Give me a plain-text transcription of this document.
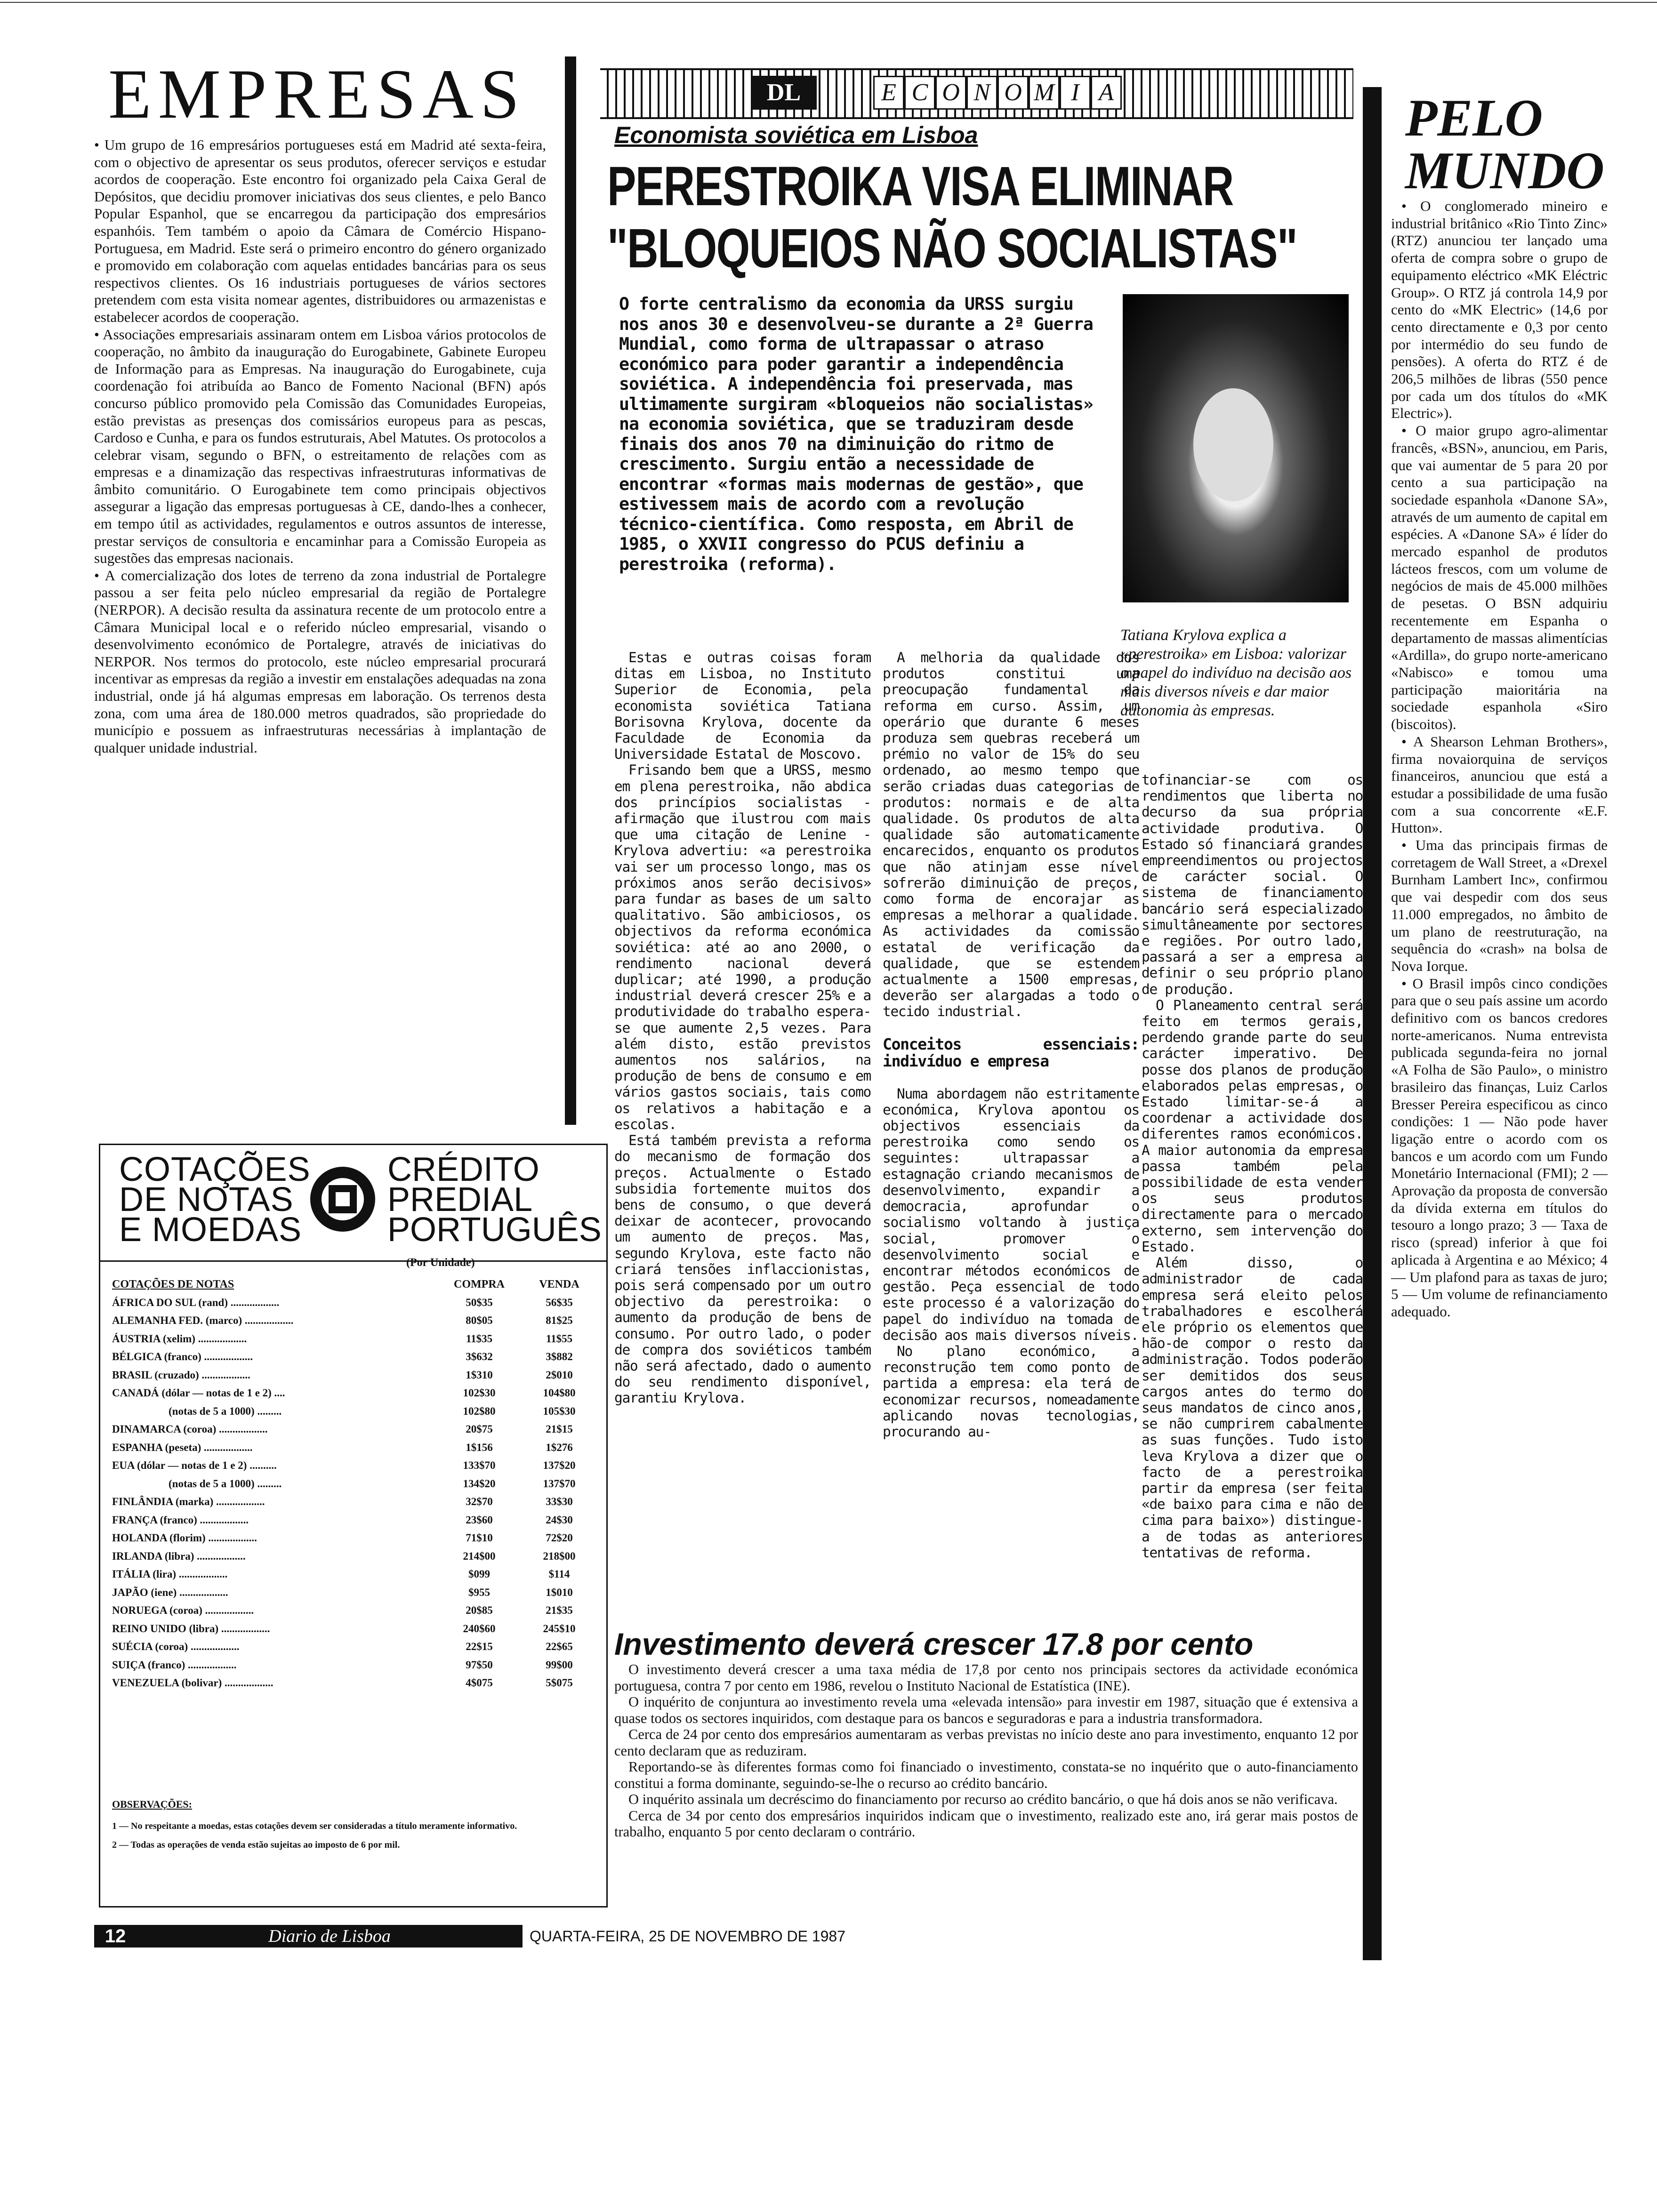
EMPRESAS

• Um grupo de 16 empresários portugueses está em Madrid até sexta-feira, com o objectivo de apresentar os seus produtos, oferecer serviços e estudar acordos de cooperação. Este encontro foi organizado pela Caixa Geral de Depósitos, que decidiu promover iniciativas dos seus clientes, e pelo Banco Popular Espanhol, que se encarregou da participação dos empresários espanhóis. Tem também o apoio da Câmara de Comércio Hispano-Portuguesa, em Madrid. Este será o primeiro encontro do género organizado e promovido em colaboração com aquelas entidades bancárias para os seus respectivos clientes. Os 16 industriais portugueses de vários sectores pretendem com esta visita nomear agentes, distribuidores ou armazenistas e estabelecer acordos de cooperação.

• Associações empresariais assinaram ontem em Lisboa vários protocolos de cooperação, no âmbito da inauguração do Eurogabinete, Gabinete Europeu de Informação para as Empresas. Na inauguração do Eurogabinete, cuja coordenação foi atribuída ao Banco de Fomento Nacional (BFN) após concurso público promovido pela Comissão das Comunidades Europeias, estão previstas as presenças dos comissários europeus para as pescas, Cardoso e Cunha, e para os fundos estruturais, Abel Matutes. Os protocolos a celebrar visam, segundo o BFN, o estreitamento de relações com as empresas e a dinamização das respectivas infraestruturas informativas de âmbito comunitário. O Eurogabinete tem como principais objectivos assegurar a ligação das empresas portuguesas à CE, dando-lhes a conhecer, em tempo útil as actividades, regulamentos e outros assuntos de interesse, prestar serviços de consultoria e encaminhar para a Comissão Europeia as sugestões das empresas nacionais.

• A comercialização dos lotes de terreno da zona industrial de Portalegre passou a ser feita pelo núcleo empresarial da região de Portalegre (NERPOR). A decisão resulta da assinatura recente de um protocolo entre a Câmara Municipal local e o referido núcleo empresarial, visando o desenvolvimento económico de Portalegre, através de iniciativas do NERPOR. Nos termos do protocolo, este núcleo empresarial procurará incentivar as empresas da região a investir em enstalações adequadas na zona industrial, onde já há algumas empresas em laboração. Os terrenos desta zona, com uma área de 180.000 metros quadrados, são propriedade do município e possuem as infraestruturas necessárias à implantação de qualquer unidade industrial.

COTAÇÕES
DE NOTAS
E MOEDAS
CRÉDITO
PREDIAL
PORTUGUÊS
(Por Unidade)
COTAÇÕES DE NOTAS	COMPRA	VENDA
ÁFRICA DO SUL (rand) ..................	50$35	56$35
ALEMANHA FED. (marco) ..................	80$05	81$25
ÁUSTRIA (xelim) ..................	11$35	11$55
BÉLGICA (franco) ..................	3$632	3$882
BRASIL (cruzado) ..................	1$310	2$010
CANADÁ (dólar — notas de 1 e 2) ....	102$30	104$80
(notas de 5 a 1000) .........	102$80	105$30
DINAMARCA (coroa) ..................	20$75	21$15
ESPANHA (peseta) ..................	1$156	1$276
EUA (dólar — notas de 1 e 2) ..........	133$70	137$20
(notas de 5 a 1000) .........	134$20	137$70
FINLÂNDIA (marka) ..................	32$70	33$30
FRANÇA (franco) ..................	23$60	24$30
HOLANDA (florim) ..................	71$10	72$20
IRLANDA (libra) ..................	214$00	218$00
ITÁLIA (lira) ..................	$099	$114
JAPÃO (iene) ..................	$955	1$010
NORUEGA (coroa) ..................	20$85	21$35
REINO UNIDO (libra) ..................	240$60	245$10
SUÉCIA (coroa) ..................	22$15	22$65
SUIÇA (franco) ..................	97$50	99$00
VENEZUELA (bolivar) ..................	4$075	5$075
OBSERVAÇÕES:
1 — No respeitante a moedas, estas cotações devem ser consideradas a título meramente informativo.
2 — Todas as operações de venda estão sujeitas ao imposto de 6 por mil.
12	Diario de Lisboa	QUARTA-FEIRA, 25 DE NOVEMBRO DE 1987
DL	E C O N O M I A
Economista soviética em Lisboa
PERESTROIKA VISA ELIMINAR
"BLOQUEIOS NÃO SOCIALISTAS"
O forte centralismo da economia da URSS surgiu nos anos 30 e desenvolveu-se durante a 2ª Guerra Mundial, como forma de ultrapassar o atraso económico para poder garantir a independência soviética. A independência foi preservada, mas ultimamente surgiram «bloqueios não socialistas» na economia soviética, que se traduziram desde finais dos anos 70 na diminuição do ritmo de crescimento. Surgiu então a necessidade de encontrar «formas mais modernas de gestão», que estivessem mais de acordo com a revolução técnico-científica. Como resposta, em Abril de 1985, o XXVII congresso do PCUS definiu a perestroika (reforma).
Tatiana Krylova explica a «perestroika» em Lisboa: valorizar o papel do indivíduo na decisão aos mais diversos níveis e dar maior autonomia às empresas.

Estas e outras coisas foram ditas em Lisboa, no Instituto Superior de Economia, pela economista soviética Tatiana Borisovna Krylova, docente da Faculdade de Economia da Universidade Estatal de Moscovo.

Frisando bem que a URSS, mesmo em plena perestroika, não abdica dos princípios socialistas - afirmação que ilustrou com mais que uma citação de Lenine - Krylova advertiu: «a perestroika vai ser um processo longo, mas os próximos anos serão decisivos» para fundar as bases de um salto qualitativo. São ambiciosos, os objectivos da reforma económica soviética: até ao ano 2000, o rendimento nacional deverá duplicar; até 1990, a produção industrial deverá crescer 25% e a produtividade do trabalho espera-se que aumente 2,5 vezes. Para além disto, estão previstos aumentos nos salários, na produção de bens de consumo e em vários gastos sociais, tais como os relativos a habitação e a escolas.

Está também prevista a reforma do mecanismo de formação dos preços. Actualmente o Estado subsidia fortemente muitos dos bens de consumo, o que deverá deixar de acontecer, provocando um aumento de preços. Mas, segundo Krylova, este facto não criará tensões inflaccionistas, pois será compensado por um outro objectivo da perestroika: o aumento da produção de bens de consumo. Por outro lado, o poder de compra dos soviéticos também não será afectado, dado o aumento do seu rendimento disponível, garantiu Krylova.

A melhoria da qualidade dos produtos constitui uma preocupação fundamental da reforma em curso. Assim, um operário que durante 6 meses produza sem quebras receberá um prémio no valor de 15% do seu ordenado, ao mesmo tempo que serão criadas duas categorias de produtos: normais e de alta qualidade. Os produtos de alta qualidade são automaticamente encarecidos, enquanto os produtos que não atinjam esse nível sofrerão diminuição de preços, como forma de encorajar as empresas a melhorar a qualidade. As actividades da comissão estatal de verificação da qualidade, que se estendem actualmente a 1500 empresas, deverão ser alargadas a todo o tecido industrial.

Conceitos essenciais: indivíduo e empresa

Numa abordagem não estritamente económica, Krylova apontou os objectivos essenciais da perestroika como sendo os seguintes: ultrapassar a estagnação criando mecanismos de desenvolvimento, expandir a democracia, aprofundar o socialismo voltando à justiça social, promover o desenvolvimento social e encontrar métodos económicos de gestão. Peça essencial de todo este processo é a valorização do papel do indivíduo na tomada de decisão aos mais diversos níveis.

No plano económico, a reconstrução tem como ponto de partida a empresa: ela terá de economizar recursos, nomeadamente aplicando novas tecnologias, procurando au-

tofinanciar-se com os rendimentos que liberta no decurso da sua própria actividade produtiva. O Estado só financiará grandes empreendimentos ou projectos de carácter social. O sistema de financiamento bancário será especializado simultâneamente por sectores e regiões. Por outro lado, passará a ser a empresa a definir o seu próprio plano de produção.

O Planeamento central será feito em termos gerais, perdendo grande parte do seu carácter imperativo. De posse dos planos de produção elaborados pelas empresas, o Estado limitar-se-á a coordenar a actividade dos diferentes ramos económicos. A maior autonomia da empresa passa também pela possibilidade de esta vender os seus produtos directamente para o mercado externo, sem intervenção do Estado.

Além disso, o administrador de cada empresa será eleito pelos trabalhadores e escolherá ele próprio os elementos que hão-de compor o resto da administração. Todos poderão ser demitidos dos seus cargos antes do termo do seus mandatos de cinco anos, se não cumprirem cabalmente as suas funções. Tudo isto leva Krylova a dizer que o facto de a perestroika partir da empresa (ser feita «de baixo para cima e não de cima para baixo») distingue-a de todas as anteriores tentativas de reforma.

Investimento deverá crescer 17.8 por cento

O investimento deverá crescer a uma taxa média de 17,8 por cento nos principais sectores da actividade económica portuguesa, contra 7 por cento em 1986, revelou o Instituto Nacional de Estatística (INE).

O inquérito de conjuntura ao investimento revela uma «elevada intensão» para investir em 1987, situação que é extensiva a quase todos os sectores inquiridos, com destaque para os bancos e seguradoras e para a industria transformadora.

Cerca de 24 por cento dos empresários aumentaram as verbas previstas no início deste ano para investimento, enquanto 12 por cento declaram que as reduziram.

Reportando-se às diferentes formas como foi financiado o investimento, constata-se no inquérito que o auto-financiamento constitui a forma dominante, seguindo-se-lhe o recurso ao crédito bancário.

O inquérito assinala um decréscimo do financiamento por recurso ao crédito bancário, o que há dois anos se não verificava.

Cerca de 34 por cento dos empresários inquiridos indicam que o investimento, realizado este ano, irá gerar mais postos de trabalho, enquanto 5 por cento declaram o contrário.

PELO
MUNDO

• O conglomerado mineiro e industrial britânico «Rio Tinto Zinc» (RTZ) anunciou ter lançado uma oferta de compra sobre o grupo de equipamento eléctrico «MK Eléctric Group». O RTZ já controla 14,9 por cento do «MK Electric» (14,6 por cento directamente e 0,3 por cento por intermédio do seu fundo de pensões). A oferta do RTZ é de 206,5 milhões de libras (550 pence por cada um dos títulos do «MK Electric»).

• O maior grupo agro-alimentar francês, «BSN», anunciou, em Paris, que vai aumentar de 5 para 20 por cento a sua participação na sociedade espanhola «Danone SA», através de um aumento de capital em espécies. A «Danone SA» é líder do mercado espanhol de produtos lácteos frescos, com um volume de negócios de mais de 45.000 milhões de pesetas. O BSN adquiriu recentemente em Espanha o departamento de massas alimentícias «Ardilla», do grupo norte-americano «Nabisco» e tomou uma participação maioritária na sociedade espanhola «Siro (biscoitos).

• A Shearson Lehman Brothers», firma novaiorquina de serviços financeiros, anunciou que está a estudar a possibilidade de uma fusão com a sua concorrente «E.F. Hutton».

• Uma das principais firmas de corretagem de Wall Street, a «Drexel Burnham Lambert Inc», confirmou que vai despedir com dos seus 11.000 empregados, no âmbito de um plano de reestruturação, na sequência do «crash» na bolsa de Nova Iorque.

• O Brasil impôs cinco condições para que o seu país assine um acordo definitivo com os bancos credores norte-americanos. Numa entrevista publicada segunda-feira no jornal «A Folha de São Paulo», o ministro brasileiro das finanças, Luiz Carlos Bresser Pereira especificou as cinco condições: 1 — Não pode haver ligação entre o acordo com os bancos e um acordo com um Fundo Monetário Internacional (FMI); 2 — Aprovação da proposta de conversão da dívida externa em títulos do tesouro a longo prazo; 3 — Taxa de risco (spread) inferior à que foi aplicada à Argentina e ao México; 4 — Um plafond para as taxas de juro; 5 — Um volume de refinanciamento adequado.
